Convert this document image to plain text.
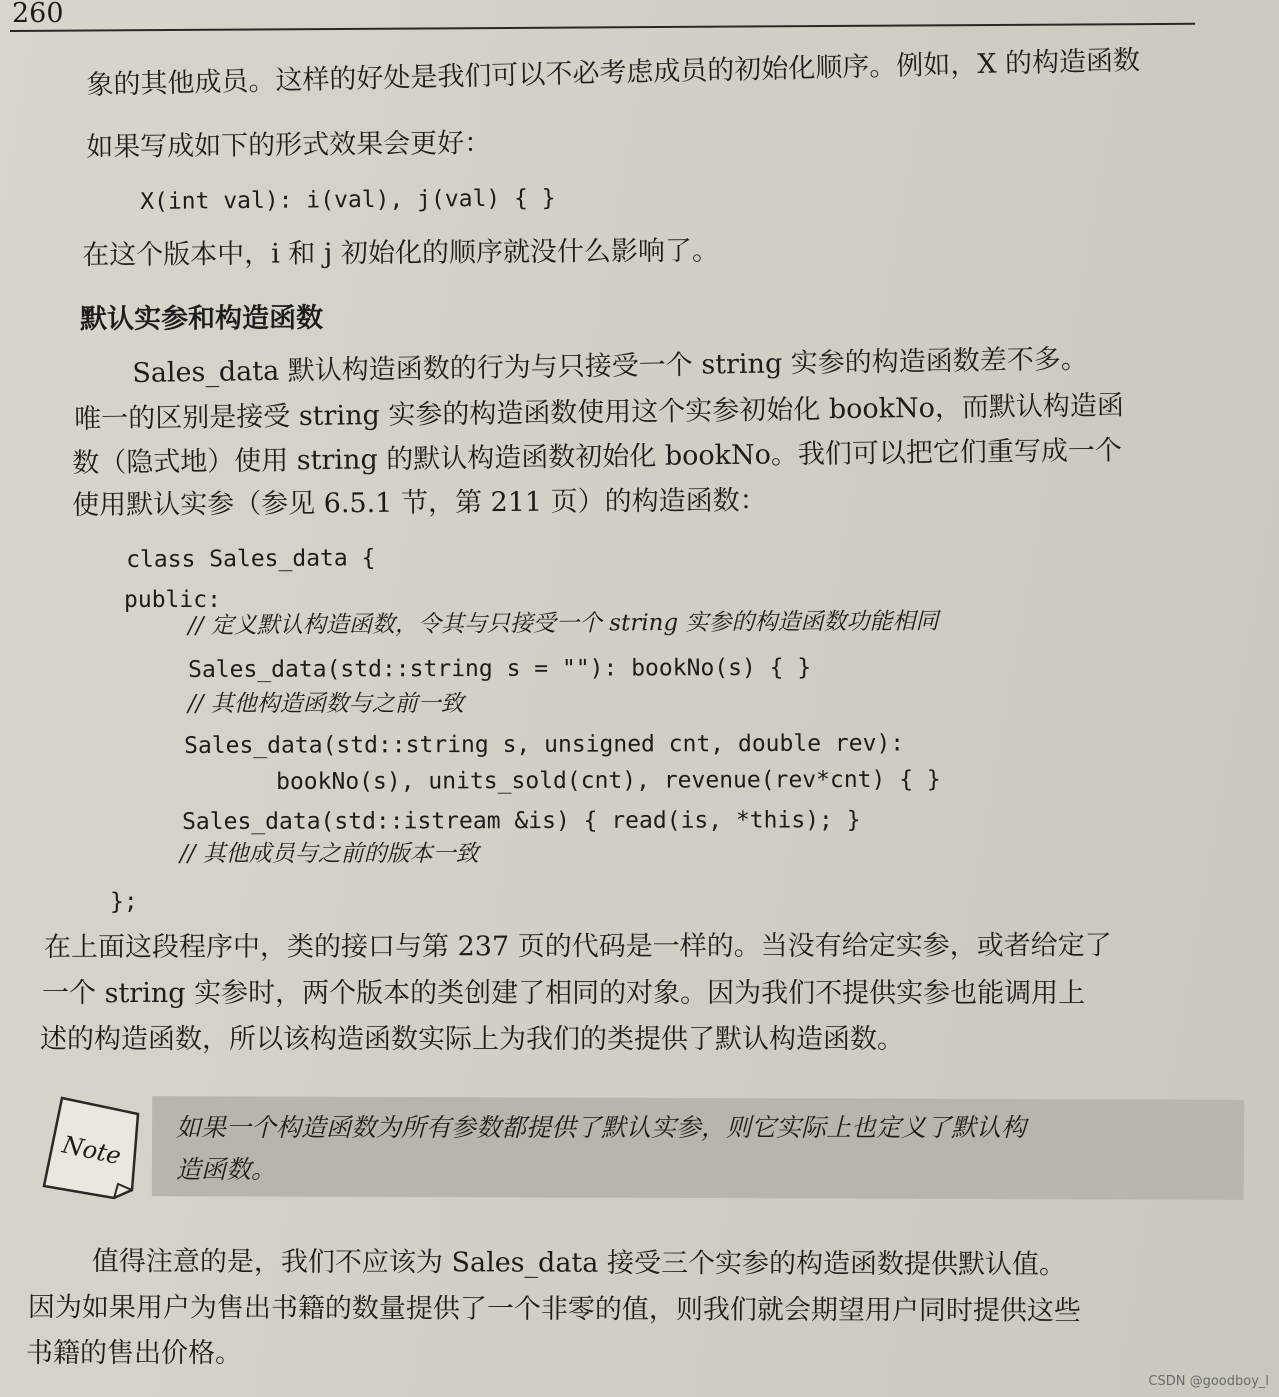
260
象的其他成员。这样的好处是我们可以不必考虑成员的初始化顺序。例如，X 的构造函数
如果写成如下的形式效果会更好：
X(int val): i(val), j(val) { }
在这个版本中，i 和 j 初始化的顺序就没什么影响了。
默认实参和构造函数
Sales_data 默认构造函数的行为与只接受一个 string 实参的构造函数差不多。
唯一的区别是接受 string 实参的构造函数使用这个实参初始化 bookNo，而默认构造函
数（隐式地）使用 string 的默认构造函数初始化 bookNo。我们可以把它们重写成一个
使用默认实参（参见 6.5.1 节，第 211 页）的构造函数：
class Sales_data {
public:
// 定义默认构造函数，令其与只接受一个 string 实参的构造函数功能相同
Sales_data(std::string s = ""): bookNo(s) { }
// 其他构造函数与之前一致
Sales_data(std::string s, unsigned cnt, double rev):
bookNo(s), units_sold(cnt), revenue(rev*cnt) { }
Sales_data(std::istream &is) { read(is, *this); }
// 其他成员与之前的版本一致
};
在上面这段程序中，类的接口与第 237 页的代码是一样的。当没有给定实参，或者给定了
一个 string 实参时，两个版本的类创建了相同的对象。因为我们不提供实参也能调用上
述的构造函数，所以该构造函数实际上为我们的类提供了默认构造函数。
Note
如果一个构造函数为所有参数都提供了默认实参，则它实际上也定义了默认构
造函数。
值得注意的是，我们不应该为 Sales_data 接受三个实参的构造函数提供默认值。
因为如果用户为售出书籍的数量提供了一个非零的值，则我们就会期望用户同时提供这些
书籍的售出价格。
CSDN @goodboy_l
